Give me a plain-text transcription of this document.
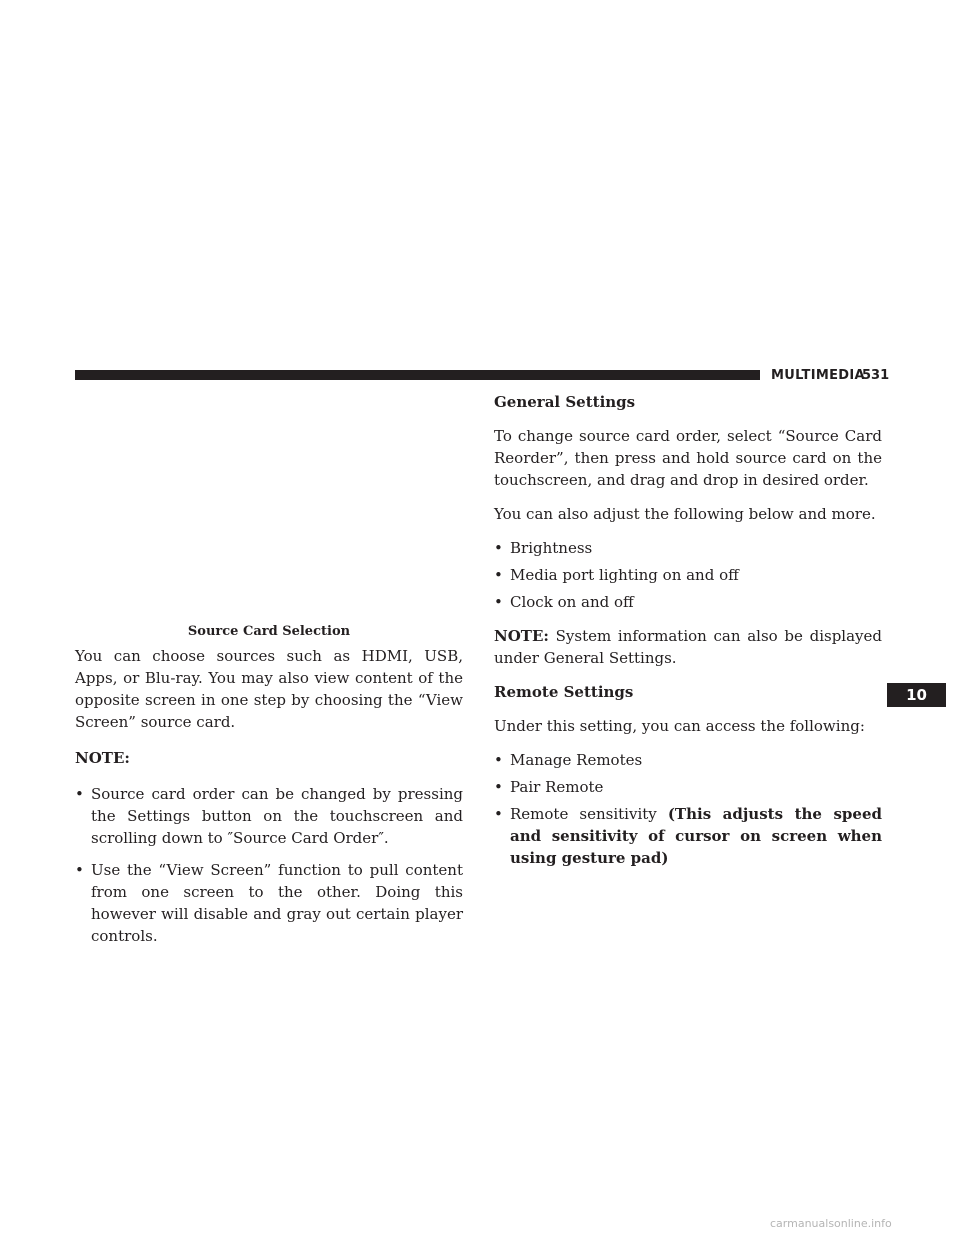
MULTIMEDIA
531
Source Card Selection

You can choose sources such as HDMI, USB, Apps, or Blu-ray. You may also view content of the opposite screen in one step by choosing the “View Screen” source card.

NOTE:

• Source card order can be changed by pressing the Settings button on the touchscreen and scrolling down to ″Source Card Order″.
• Use the “View Screen” function to pull content from one screen to the other. Doing this however will disable and gray out certain player controls.

General Settings

To change source card order, select “Source Card Reorder”, then press and hold source card on the touchscreen, and drag and drop in desired order.

You can also adjust the following below and more.

• Brightness
• Media port lighting on and off
• Clock on and off

NOTE: System information can also be displayed under General Settings.

Remote Settings

Under this setting, you can access the following:

• Manage Remotes
• Pair Remote
• Remote sensitivity (This adjusts the speed and sensitivity of cursor on screen when using gesture pad)
10
carmanualsonline.info
